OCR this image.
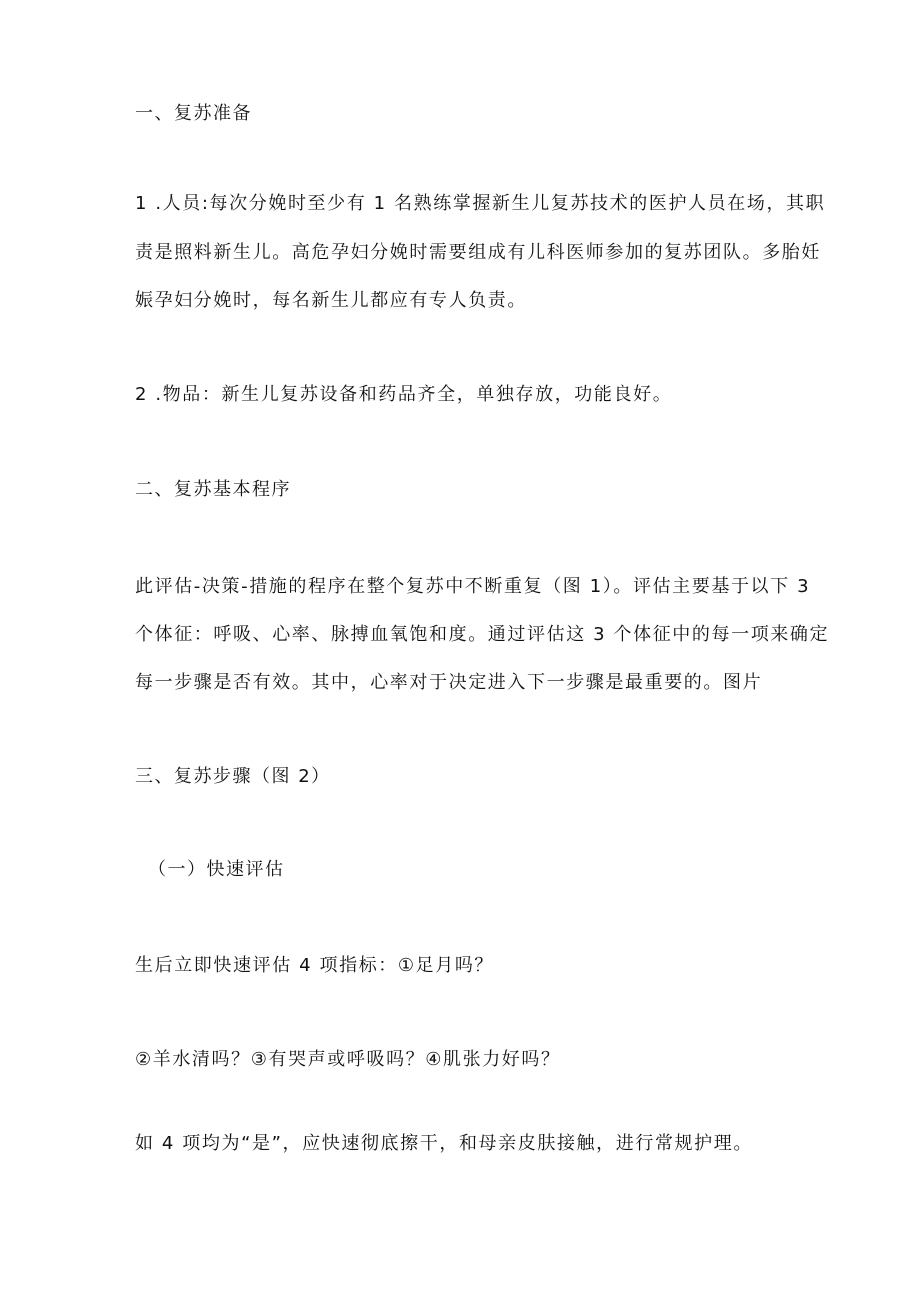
一、复苏准备
1 .人员:每次分娩时至少有 1 名熟练掌握新生儿复苏技术的医护人员在场，其职
责是照料新生儿。高危孕妇分娩时需要组成有儿科医师参加的复苏团队。多胎妊
娠孕妇分娩时，每名新生儿都应有专人负责。
2 .物品：新生儿复苏设备和药品齐全，单独存放，功能良好。
二、复苏基本程序
此评估-决策-措施的程序在整个复苏中不断重复（图 1）。评估主要基于以下 3
个体征：呼吸、心率、脉搏血氧饱和度。通过评估这 3 个体征中的每一项来确定
每一步骤是否有效。其中，心率对于决定进入下一步骤是最重要的。图片
三、复苏步骤（图 2）
（一）快速评估
生后立即快速评估 4 项指标：①足月吗？
②羊水清吗？③有哭声或呼吸吗？④肌张力好吗？
如 4 项均为“是”，应快速彻底擦干，和母亲皮肤接触，进行常规护理。
